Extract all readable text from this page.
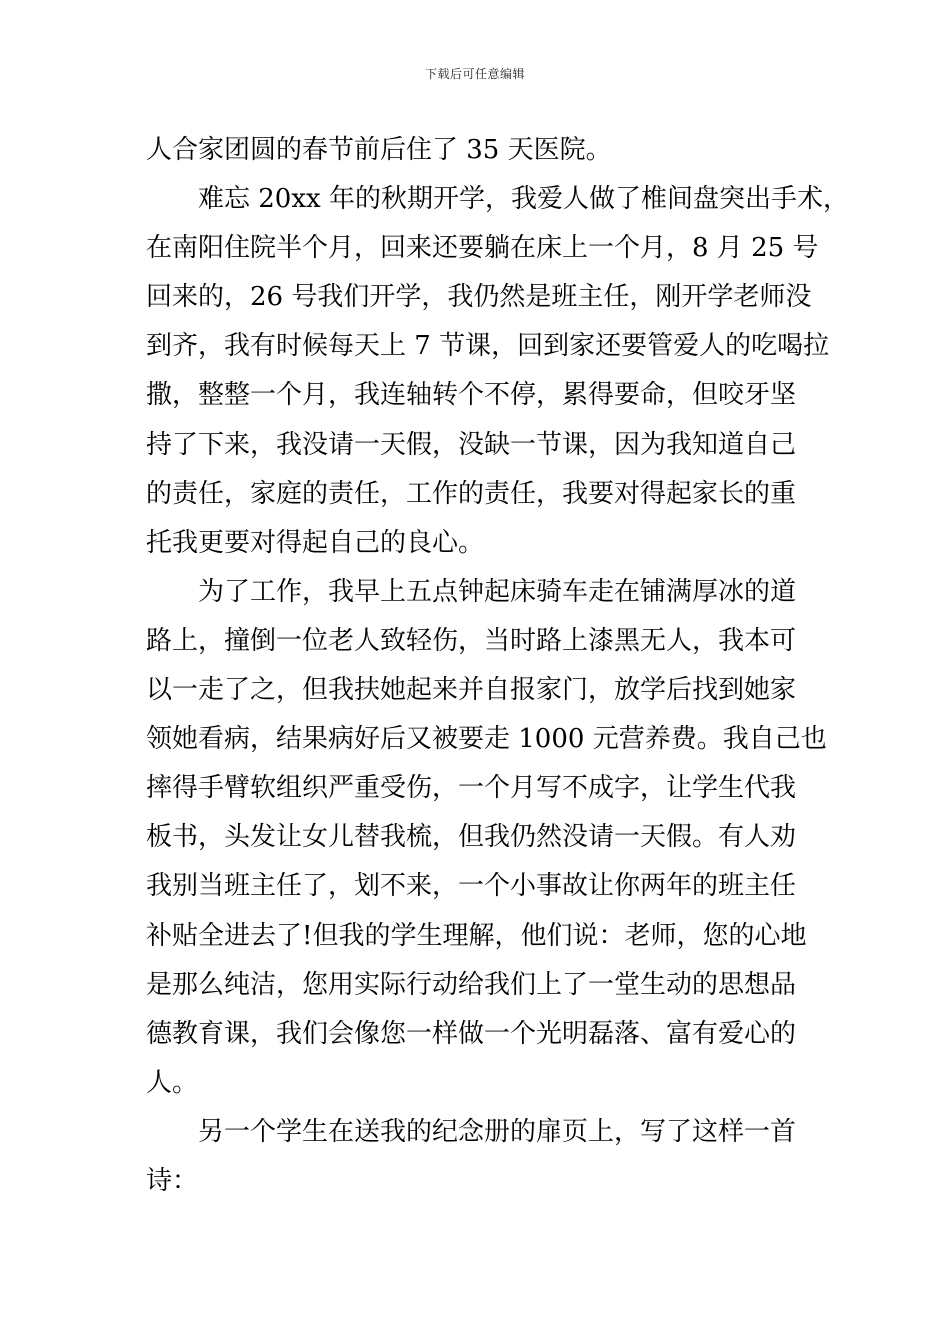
下载后可任意编辑
人合家团圆的春节前后住了 35 天医院。
难忘 20xx 年的秋期开学，我爱人做了椎间盘突出手术，
在南阳住院半个月，回来还要躺在床上一个月，8 月 25 号
回来的，26 号我们开学，我仍然是班主任，刚开学老师没
到齐，我有时候每天上 7 节课，回到家还要管爱人的吃喝拉
撒，整整一个月，我连轴转个不停，累得要命，但咬牙坚
持了下来，我没请一天假，没缺一节课，因为我知道自己
的责任，家庭的责任，工作的责任，我要对得起家长的重
托我更要对得起自己的良心。
为了工作，我早上五点钟起床骑车走在铺满厚冰的道
路上，撞倒一位老人致轻伤，当时路上漆黑无人，我本可
以一走了之，但我扶她起来并自报家门，放学后找到她家
领她看病，结果病好后又被要走 1000 元营养费。我自己也
摔得手臂软组织严重受伤，一个月写不成字，让学生代我
板书，头发让女儿替我梳，但我仍然没请一天假。有人劝
我别当班主任了，划不来，一个小事故让你两年的班主任
补贴全进去了!但我的学生理解，他们说：老师，您的心地
是那么纯洁，您用实际行动给我们上了一堂生动的思想品
德教育课，我们会像您一样做一个光明磊落、富有爱心的
人。
另一个学生在送我的纪念册的扉页上，写了这样一首
诗：
